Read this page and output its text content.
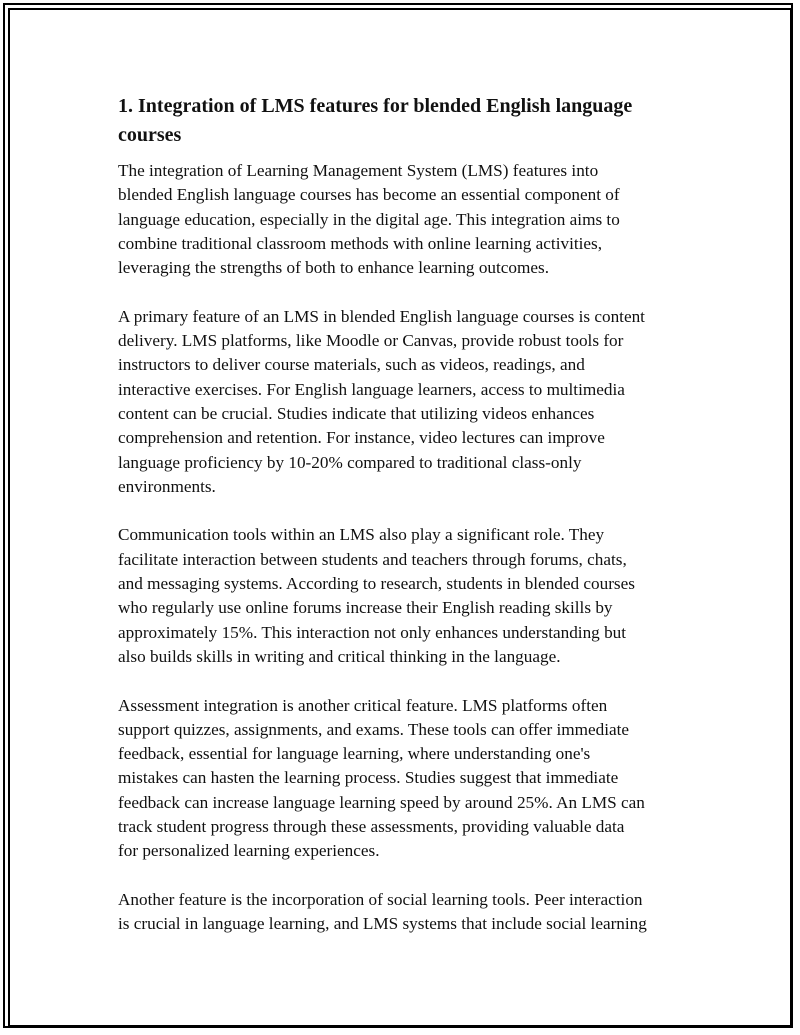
1. Integration of LMS features for blended English language
courses

The integration of Learning Management System (LMS) features into
blended English language courses has become an essential component of
language education, especially in the digital age. This integration aims to
combine traditional classroom methods with online learning activities,
leveraging the strengths of both to enhance learning outcomes.

A primary feature of an LMS in blended English language courses is content
delivery. LMS platforms, like Moodle or Canvas, provide robust tools for
instructors to deliver course materials, such as videos, readings, and
interactive exercises. For English language learners, access to multimedia
content can be crucial. Studies indicate that utilizing videos enhances
comprehension and retention. For instance, video lectures can improve
language proficiency by 10-20% compared to traditional class-only
environments.

Communication tools within an LMS also play a significant role. They
facilitate interaction between students and teachers through forums, chats,
and messaging systems. According to research, students in blended courses
who regularly use online forums increase their English reading skills by
approximately 15%. This interaction not only enhances understanding but
also builds skills in writing and critical thinking in the language.

Assessment integration is another critical feature. LMS platforms often
support quizzes, assignments, and exams. These tools can offer immediate
feedback, essential for language learning, where understanding one's
mistakes can hasten the learning process. Studies suggest that immediate
feedback can increase language learning speed by around 25%. An LMS can
track student progress through these assessments, providing valuable data
for personalized learning experiences.

Another feature is the incorporation of social learning tools. Peer interaction
is crucial in language learning, and LMS systems that include social learning
